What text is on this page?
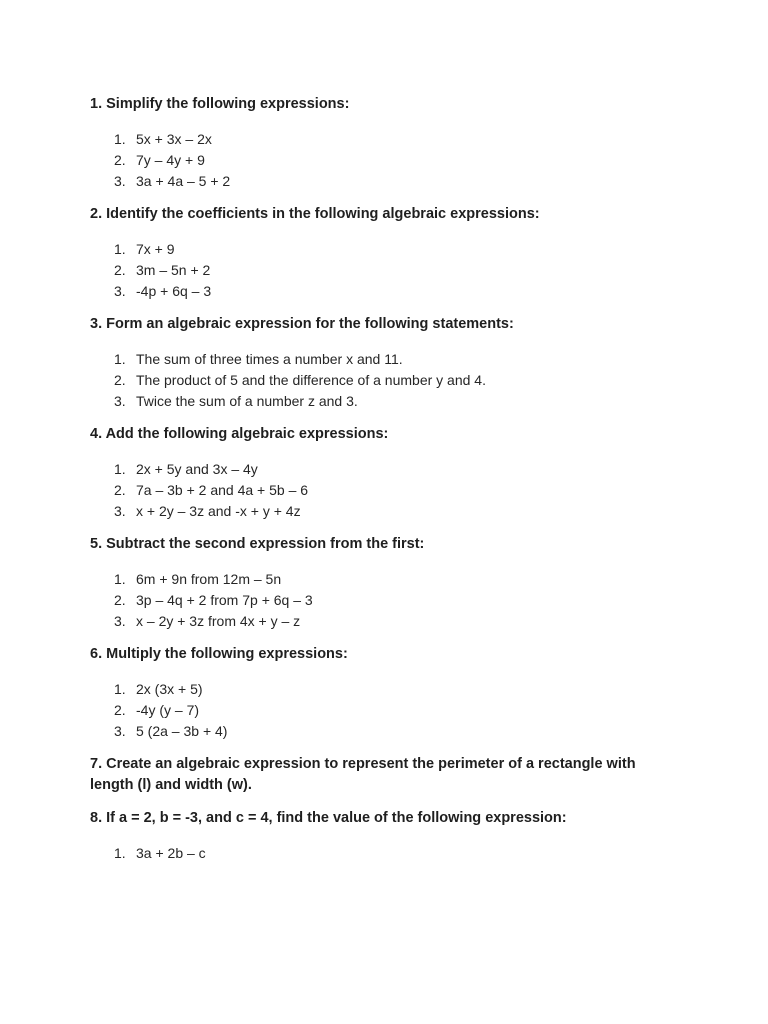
1. Simplify the following expressions:

1. 5x + 3x – 2x
2. 7y – 4y + 9
3. 3a + 4a – 5 + 2

2. Identify the coefficients in the following algebraic expressions:

1. 7x + 9
2. 3m – 5n + 2
3. -4p + 6q – 3

3. Form an algebraic expression for the following statements:

1. The sum of three times a number x and 11.
2. The product of 5 and the difference of a number y and 4.
3. Twice the sum of a number z and 3.

4. Add the following algebraic expressions:

1. 2x + 5y and 3x – 4y
2. 7a – 3b + 2 and 4a + 5b – 6
3. x + 2y – 3z and -x + y + 4z

5. Subtract the second expression from the first:

1. 6m + 9n from 12m – 5n
2. 3p – 4q + 2 from 7p + 6q – 3
3. x – 2y + 3z from 4x + y – z

6. Multiply the following expressions:

1. 2x (3x + 5)
2. -4y (y – 7)
3. 5 (2a – 3b + 4)

7. Create an algebraic expression to represent the perimeter of a rectangle with length (l) and width (w).

8. If a = 2, b = -3, and c = 4, find the value of the following expression:

1. 3a + 2b – c
